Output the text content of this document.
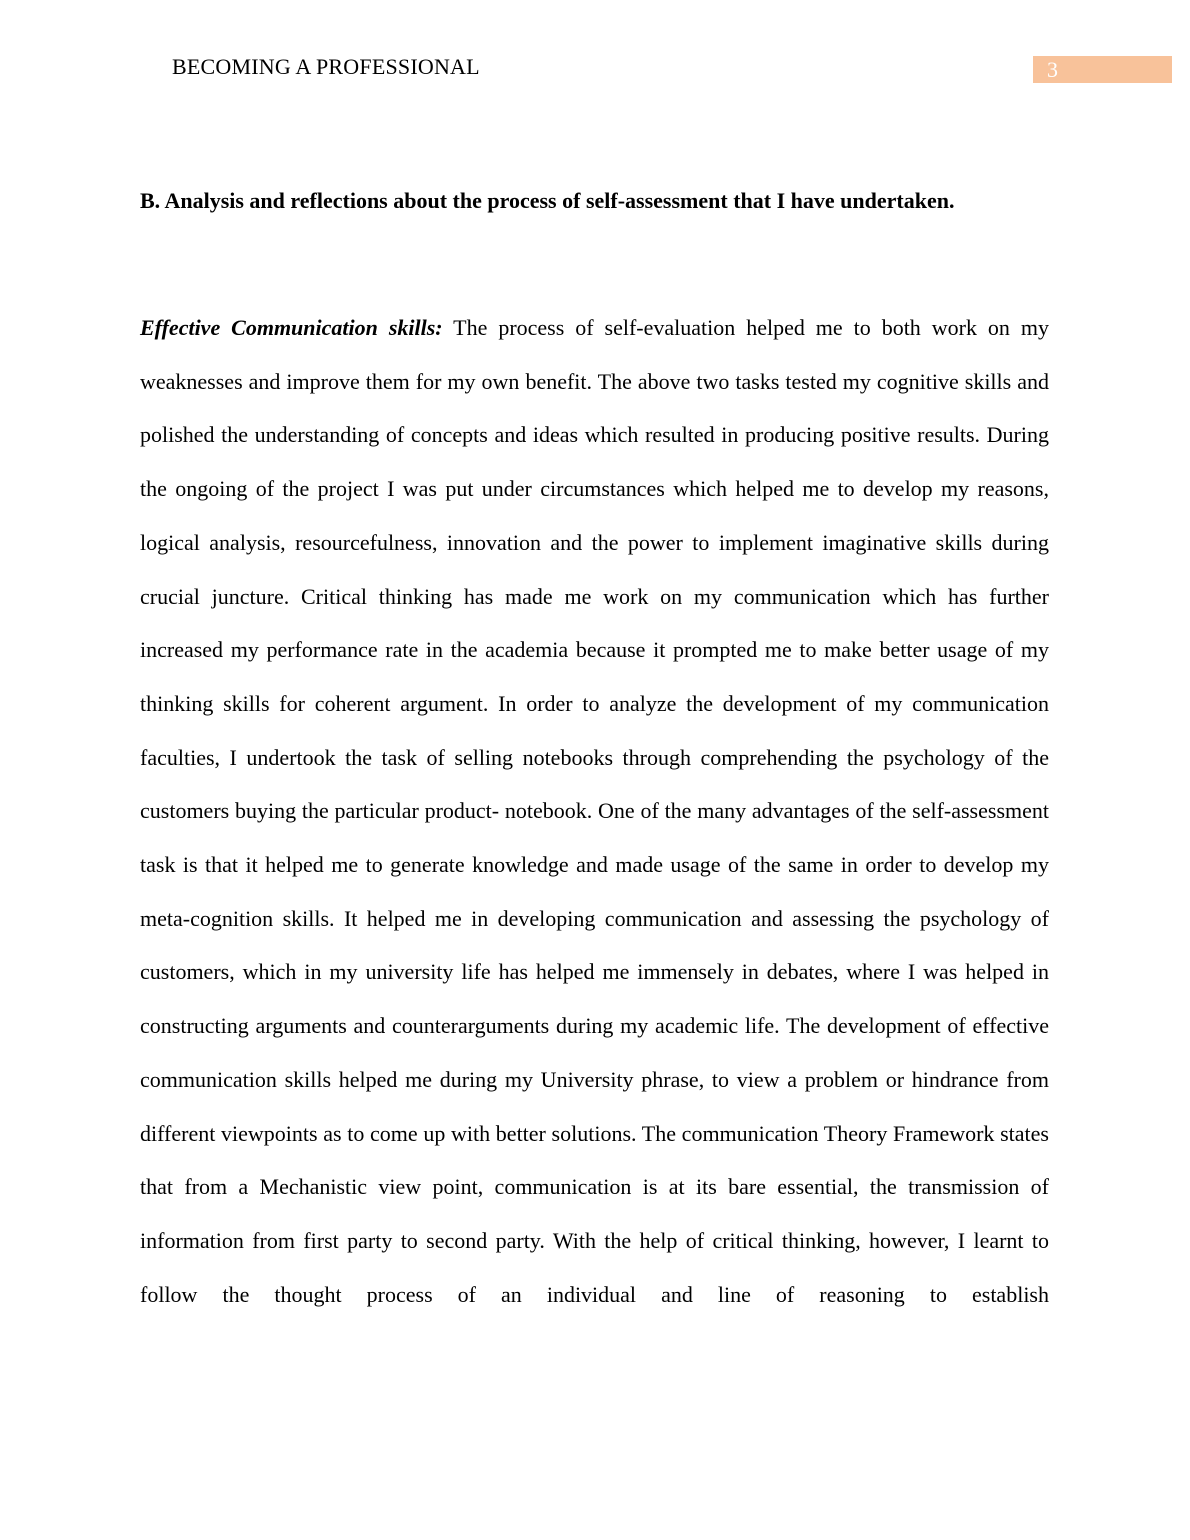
BECOMING A PROFESSIONAL	3
B. Analysis and reflections about the process of self-assessment that I have undertaken.

Effective Communication skills: The process of self-evaluation helped me to both work on my weaknesses and improve them for my own benefit. The above two tasks tested my cognitive skills and polished the understanding of concepts and ideas which resulted in producing positive results. During the ongoing of the project I was put under circumstances which helped me to develop my reasons, logical analysis, resourcefulness, innovation and the power to implement imaginative skills during crucial juncture. Critical thinking has made me work on my communication which has further increased my performance rate in the academia because it prompted me to make better usage of my thinking skills for coherent argument. In order to analyze the development of my communication faculties, I undertook the task of selling notebooks through comprehending the psychology of the customers buying the particular product- notebook. One of the many advantages of the self-assessment task is that it helped me to generate knowledge and made usage of the same in order to develop my meta-cognition skills. It helped me in developing communication and assessing the psychology of customers, which in my university life has helped me immensely in debates, where I was helped in constructing arguments and counterarguments during my academic life. The development of effective communication skills helped me during my University phrase, to view a problem or hindrance from different viewpoints as to come up with better solutions. The communication Theory Framework states that from a Mechanistic view point, communication is at its bare essential, the transmission of information from first party to second party. With the help of critical thinking, however, I learnt to follow the thought process of an individual and line of reasoning to establish
